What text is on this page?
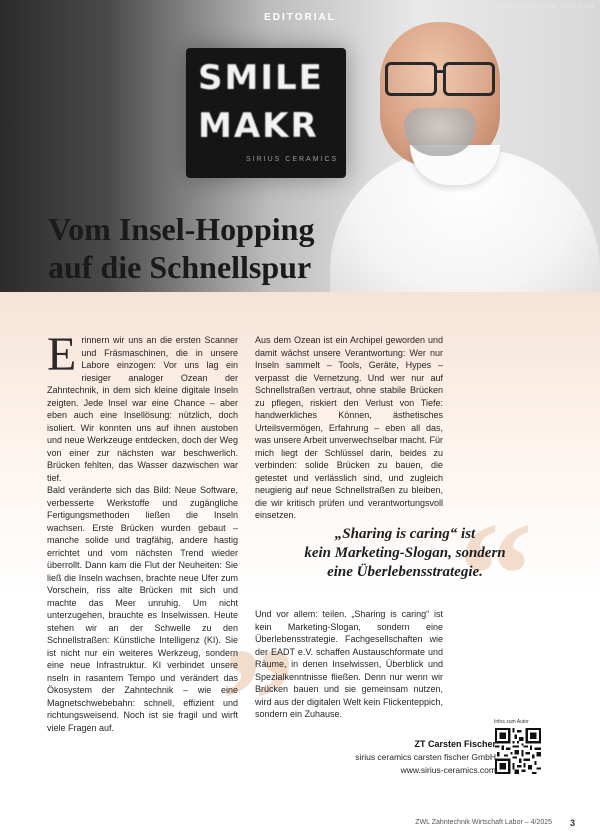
SMILE
MAKR
SIRIUS CERAMICS
EDITORIAL
© sirius ceramics carsten fischer GmbH
Vom Insel-Hopping
auf die Schnellspur
“
„

Erinnern wir uns an die ersten Scanner und Fräsmaschinen, die in unsere Labore einzogen: Vor uns lag ein riesiger analoger Ozean der Zahntechnik, in dem sich kleine digitale Inseln zeigten. Jede Insel war eine Chance – aber eben auch eine Insellösung: nützlich, doch isoliert. Wir konnten uns auf ihnen austoben und neue Werkzeuge entdecken, doch der Weg von einer zur nächsten war beschwerlich. Brücken fehlten, das Wasser dazwischen war tief.

Bald veränderte sich das Bild: Neue Software, verbesserte Werkstoffe und zugängliche Fertigungsmethoden ließen die Inseln wachsen. Erste Brücken wurden gebaut – manche solide und tragfähig, andere hastig errichtet und vom nächsten Trend wieder überrollt. Dann kam die Flut der Neuheiten: Sie ließ die Inseln wachsen, brachte neue Ufer zum Vorschein, riss alte Brücken mit sich und machte das Meer unruhig. Um nicht unterzugehen, brauchte es Inselwissen. Heute stehen wir an der Schwelle zu den Schnellstraßen: Künstliche Intelligenz (KI). Sie ist nicht nur ein weiteres Werkzeug, sondern eine neue Infrastruktur. KI verbindet unsere nseln in rasantem Tempo und verändert das Ökosystem der Zahntechnik – wie eine Magnetschwebebahn: schnell, effizient und richtungsweisend. Noch ist sie fragil und wirft viele Fragen auf.

Aus dem Ozean ist ein Archipel geworden und damit wächst unsere Verantwortung: Wer nur Inseln sammelt – Tools, Geräte, Hypes – verpasst die Vernetzung. Und wer nur auf Schnellstraßen vertraut, ohne stabile Brücken zu pflegen, riskiert den Verlust von Tiefe: handwerkliches Können, ästhetisches Urteilsvermögen, Erfahrung – eben all das, was unsere Arbeit unverwechselbar macht. Für mich liegt der Schlüssel darin, beides zu verbinden: solide Brücken zu bauen, die getestet und verlässlich sind, und zugleich neugierig auf neue Schnellstraßen zu bleiben, die wir kritisch prüfen und verantwortungsvoll einsetzen.

„Sharing is caring“ ist
kein Marketing-Slogan, sondern
eine Überlebensstrategie.

Und vor allem: teilen. „Sharing is caring“ ist kein Marketing-Slogan, sondern eine Überlebensstrategie. Fachgesellschaften wie der EADT e.V. schaffen Austauschformate und Räume, in denen Inselwissen, Überblick und Spezialkenntnisse fließen. Denn nur wenn wir Brücken bauen und sie gemeinsam nutzen, wird aus der digitalen Welt kein Flickenteppich, sondern ein Zuhause.

Infos zum Autor
ZT Carsten Fischer
sirius ceramics carsten fischer GmbH
www.sirius-ceramics.com
ZWL Zahntechnik Wirtschaft Labor – 4/2025 3
